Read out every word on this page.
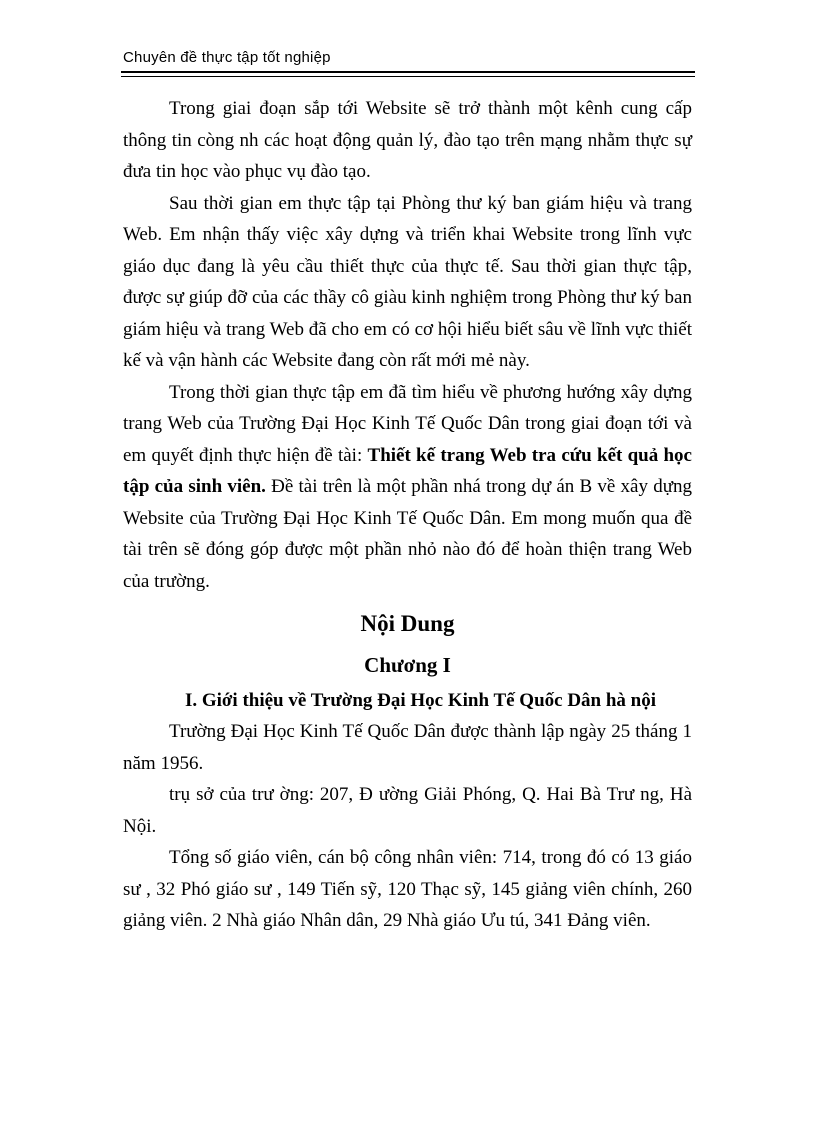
Chuyên đề thực tập tốt nghiệp

Trong giai đoạn sắp tới Website sẽ trở thành một kênh cung cấp thông tin còng nh các hoạt động quản lý, đào tạo trên mạng nhằm thực sự đưa tin học vào phục vụ đào tạo.

Sau thời gian em thực tập tại Phòng thư ký ban giám hiệu và trang Web. Em nhận thấy việc xây dựng và triển khai Website trong lĩnh vực giáo dục đang là yêu cầu thiết thực của thực tế. Sau thời gian thực tập, được sự giúp đỡ của các thầy cô giàu kinh nghiệm trong Phòng thư ký ban giám hiệu và trang Web đã cho em có cơ hội hiểu biết sâu về lĩnh vực thiết kế và vận hành các Website đang còn rất mới mẻ này.

Trong thời gian thực tập em đã tìm hiểu về phương hướng xây dựng trang Web của Trường Đại Học Kinh Tế Quốc Dân trong giai đoạn tới và em quyết định thực hiện đề tài: Thiết kế trang Web tra cứu kết quả học tập của sinh viên. Đề tài trên là một phần nhá trong dự án B về xây dựng Website của Trường Đại Học Kinh Tế Quốc Dân. Em mong muốn qua đề tài trên sẽ đóng góp được một phần nhỏ nào đó để hoàn thiện trang Web của trường.

Nội Dung
Chương I
I. Giới thiệu về Trường Đại Học Kinh Tế Quốc Dân hà nội

Trường Đại Học Kinh Tế Quốc Dân được thành lập ngày 25 tháng 1 năm 1956.

trụ sở của trư ờng: 207, Đ ường Giải Phóng, Q. Hai Bà Trư ng, Hà Nội.

Tổng số giáo viên, cán bộ công nhân viên: 714, trong đó có 13 giáo sư , 32 Phó giáo sư , 149 Tiến sỹ, 120 Thạc sỹ, 145 giảng viên chính, 260 giảng viên. 2 Nhà giáo Nhân dân, 29 Nhà giáo Ưu tú, 341 Đảng viên.
